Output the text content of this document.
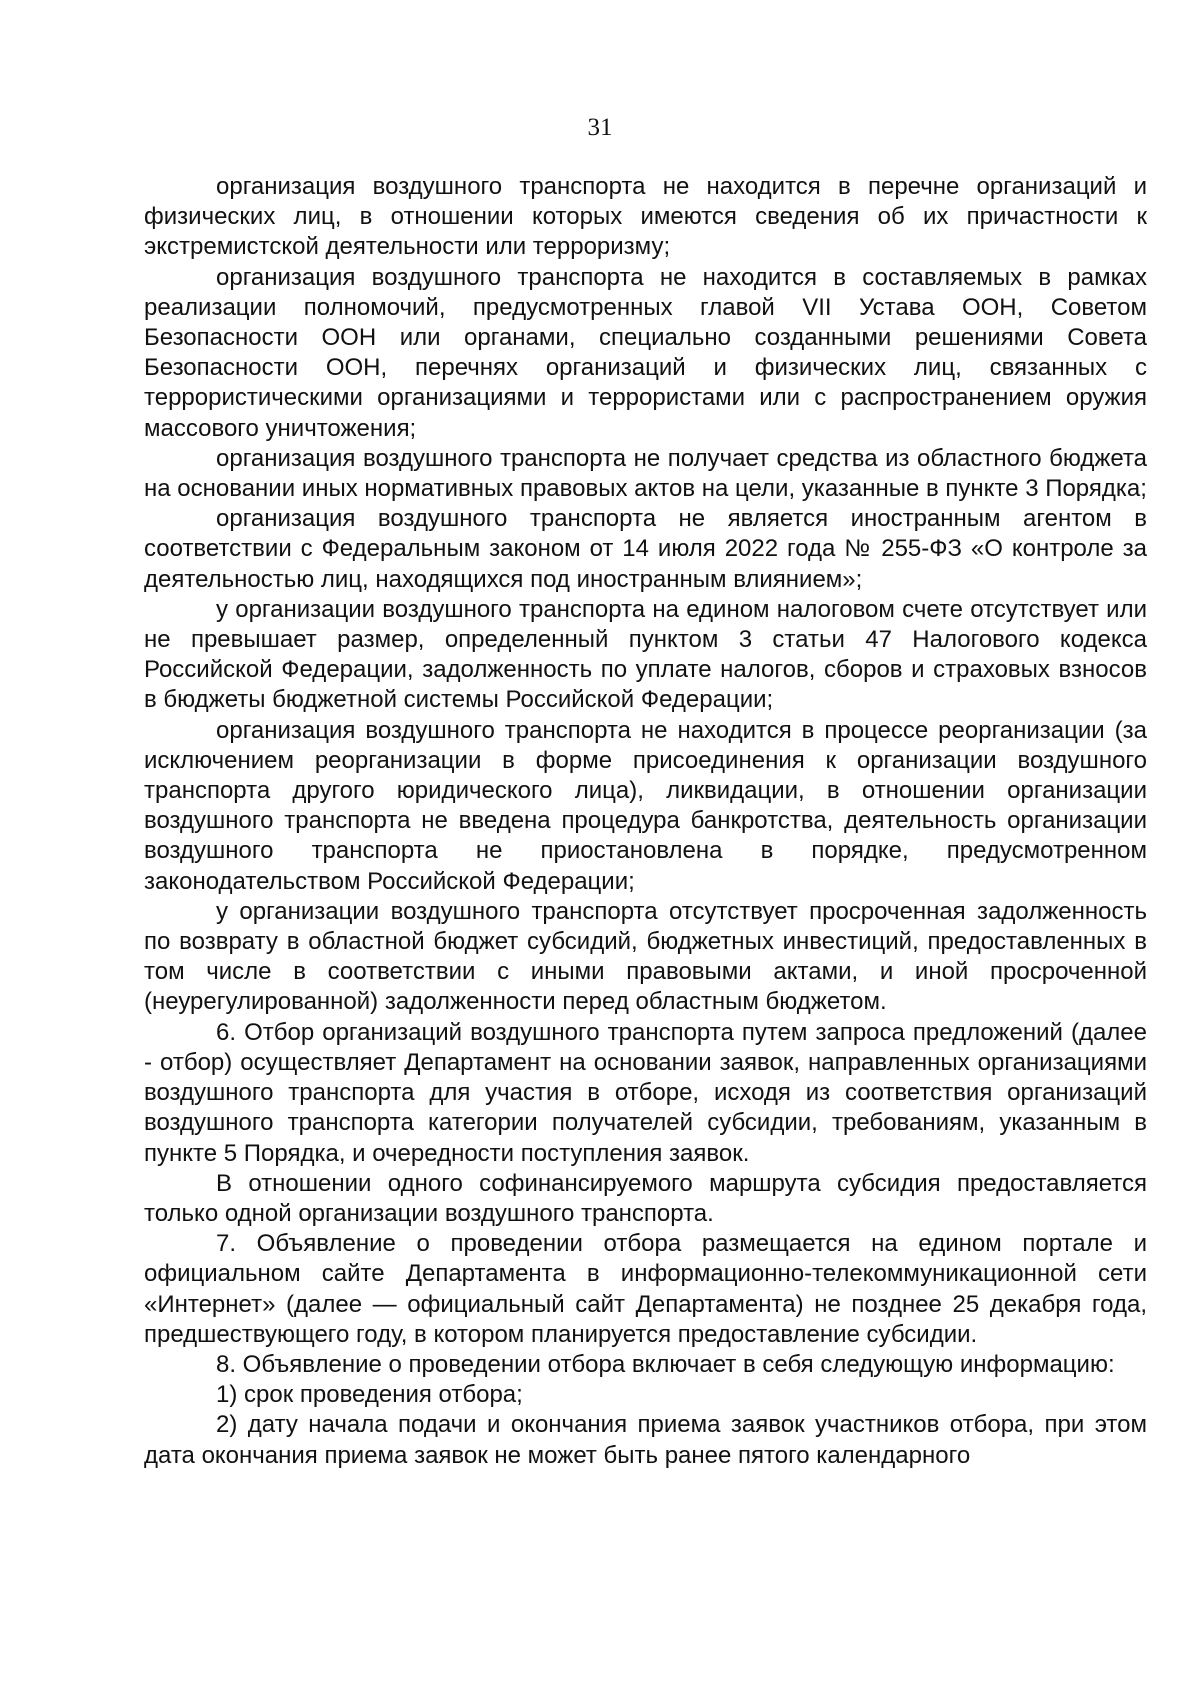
31

организация воздушного транспорта не находится в перечне организаций и физических лиц, в отношении которых имеются сведения об их причастности к экстремистской деятельности или терроризму;

организация воздушного транспорта не находится в составляемых в рамках реализации полномочий, предусмотренных главой VII Устава ООН, Советом Безопасности ООН или органами, специально созданными решениями Совета Безопасности ООН, перечнях организаций и физических лиц, связанных с террористическими организациями и террористами или с распространением оружия массового уничтожения;

организация воздушного транспорта не получает средства из областного бюджета на основании иных нормативных правовых актов на цели, указанные в пункте 3 Порядка;

организация воздушного транспорта не является иностранным агентом в соответствии с Федеральным законом от 14 июля 2022 года № 255-ФЗ «О контроле за деятельностью лиц, находящихся под иностранным влиянием»;

у организации воздушного транспорта на едином налоговом счете отсутствует или не превышает размер, определенный пунктом 3 статьи 47 Налогового кодекса Российской Федерации, задолженность по уплате налогов, сборов и страховых взносов в бюджеты бюджетной системы Российской Федерации;

организация воздушного транспорта не находится в процессе реорганизации (за исключением реорганизации в форме присоединения к организации воздушного транспорта другого юридического лица), ликвидации, в отношении организации воздушного транспорта не введена процедура банкротства, деятельность организации воздушного транспорта не приостановлена в порядке, предусмотренном законодательством Российской Федерации;

у организации воздушного транспорта отсутствует просроченная задолженность по возврату в областной бюджет субсидий, бюджетных инвестиций, предоставленных в том числе в соответствии с иными правовыми актами, и иной просроченной (неурегулированной) задолженности перед областным бюджетом.

6. Отбор организаций воздушного транспорта путем запроса предложений (далее - отбор) осуществляет Департамент на основании заявок, направленных организациями воздушного транспорта для участия в отборе, исходя из соответствия организаций воздушного транспорта категории получателей субсидии, требованиям, указанным в пункте 5 Порядка, и очередности поступления заявок.

В отношении одного софинансируемого маршрута субсидия предоставляется только одной организации воздушного транспорта.

7. Объявление о проведении отбора размещается на едином портале и официальном сайте Департамента в информационно-телекоммуникационной сети «Интернет» (далее — официальный сайт Департамента) не позднее 25 декабря года, предшествующего году, в котором планируется предоставление субсидии.

8. Объявление о проведении отбора включает в себя следующую информацию:

1) срок проведения отбора;

2) дату начала подачи и окончания приема заявок участников отбора, при этом дата окончания приема заявок не может быть ранее пятого календарного
